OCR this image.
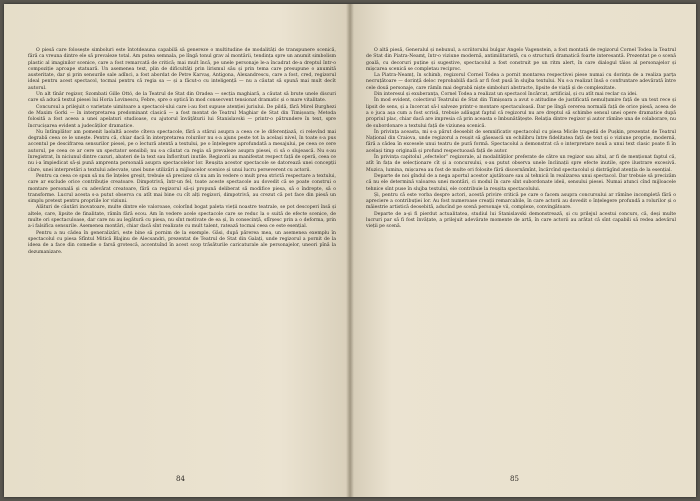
O piesă care folosește simboluri este întotdeauna capabilă să genereze o multitudine de modalități de transpunere scenică, fără ca vreuna dintre ele să prevaleze total. Am putea semnala, pe lîngă tonul grav al montării, tendința spre un anumit simbolism plastic al imaginilor scenice, care a fost remarcată de critică; mai mult încă, pe unele personaje le-a încadrat de-a dreptul într-o compoziție aproape statuară. Un asemenea text, plin de dificultăți prin lirismul său și prin tema care presupune o anumită austeritate, dar și prin sensurile sale adînci, a fost abordat de Petre Karvaș, Antigona, Alexandrescu, care a fost, cred, regizorul ideal pentru acest spectacol, tocmai pentru că regia sa — și a făcut-o cu inteligență — nu a căutat să spună mai mult decît autorul.

Un alt tînăr regizor, Szombati Gille Ottó, de la Teatrul de Stat din Oradea — secția maghiară, a căutat să brute unele discuri care să aducă textul piesei lui Horia Lovinescu, Febre, spre o optică în mod consecvent tensionat dramatic și o mare vitalitate.

Concursul a prilejuit o varietate uimitoare a spectacol-ului care i-au fost supuse atenției juriului. De pildă, fără Mirel Burghezi de Maxim Gorki — în interpretarea predominant clasică — a fost montat de Teatrul Maghiar de Stat din Timișoara; Metoda folosită a fost aceea a unei apelaturi studioase, cu ajutorul învățăturii lui Stanislavski — printr-o pătrundere în text, spre încrucișarea evident a judecăților dramatice.

Nu întîmplător am pomenit laolaltă aceste cîteva spectacole, fără a stărui asupra a ceea ce le diferențiază, ci relevînd mai degrabă ceea ce le unește. Pentru că, chiar dacă în interpretarea rolurilor nu s-a ajuns peste tot la același nivel, în toate s-a pus accentul pe descifrarea sensurilor piesei, pe o lectură atentă a textului, pe o înțelegere aprofundată a mesajului, pe ceea ce cere autorul, pe ceea ce ar cere un spectator sensibil; nu s-a căutat ca regia să prevaleze asupra piesei, ci să o slujească. Nu s-au înregistrat, în niciunul dintre cazuri, abateri de la text sau înflorituri inutile. Regizorii au manifestat respect față de operă, ceea ce nu i-a împiedicat să-și pună amprenta personală asupra spectacolelor lor. Reușita acestor spectacole se datorează unei concepții clare, unei interpretări a textului adecvate, unei bune utilizări a mijloacelor scenice și unui lucru perseverent cu actorii.

Pentru ca ceea ce spun să nu fie înțeles greșit, trebuie să precizez că nu am în vedere o mult prea strictă respectare a textului, care ar exclude orice contribuție creatoare. Dimpotrivă, într-un fel, toate aceste spectacole au dovedit că se poate construi o montare personală și cu adevărat creatoare, fără ca regizorul să-și propună deliberat să modifice piesa, să o îndrepte, să o transforme. Lucrul acesta s-a putut observa cu atît mai bine cu cît alți regizori, dimpotrivă, au crezut că pot face din piesă un simplu pretext pentru propriile lor viziuni.

Alături de căutări inovatoare, multe dintre ele valoroase, colorînd bogat paleta vieții noastre teatrale, se pot descoperi însă și altele, care, lipsite de finalitate, rămîn fără ecou. Am în vedere acele spectacole care se reduc la o suită de efecte scenice, de multe ori spectaculoase, dar care nu au legătură cu piesa, nu sînt motivate de ea și, în consecință, sfîrșesc prin a o deforma, prin a-i falsifica sensurile. Asemenea montări, chiar dacă sînt realizate cu mult talent, ratează tocmai ceea ce este esențial.

Pentru a nu cădea în generalizări, este bine să pornim de la exemple. Găsi, după părerea mea, un asemenea exemplu în spectacolul cu piesa Sfîntul Mitică Blajinu de Alecsandri, prezentat de Teatrul de Stat din Galați, unde regizorul a pornit de la ideea de a face din comedie o farsă grotescă, accentuînd în acest scop trăsăturile caricaturale ale personajelor, uneori pînă la dezumanizare.

84

O altă piesă, Generalul și nebunul, a scriitorului bulgar Angelo Vagenstein, a fost montată de regizorul Cornel Todea la Teatrul de Stat din Piatra-Neamț, într-o viziune modernă, antimilitaristă, cu o structură dramatică foarte interesantă. Prezentat pe o scenă goală, cu decoruri puține și sugestive, spectacolul a fost construit pe un ritm alert, în care dialogul tăios al personajelor și mișcarea scenică se completau reciproc.

La Piatra-Neamț, în schimb, regizorul Cornel Todea a pornit montarea respectivei piese numai cu dorința de a realiza parța necruțătoare — dorință deloc reprobabilă dacă ar fi fost pusă în slujba textului. Nu s-a realizat însă o confruntare adevărată între cele două personaje, care rămîn mai degrabă niște simboluri abstracte, lipsite de viață și de complexitate.

Din interesul și exuberanța, Cornel Todea a realizat un spectacol încărcat, artificial, și cu atît mai reclar ca idei.

În mod evident, colectivul Teatrului de Stat din Timișoara a avut o atitudine de justificată nemulțumire față de un text rece și lipsit de sens, și a încercat să-l salveze printr-o montare spectaculoasă. Dar pe lîngă cererea normală față de orice piesă, aceea de a o juca așa cum a fost scrisă, trebuie adăugat faptul că regizorul nu are dreptul să schimbe sensul unei opere dramatice după propriul plac, chiar dacă are impresia că prin aceasta o îmbunătățește. Relația dintre regizor și autor rămîne una de colaborare, nu de subordonare a textului față de viziunea scenică.

În privința aceasta, mi s-a părut deosebit de semnificativ spectacolul cu piesa Micile tragedii de Pușkin, prezentat de Teatrul Național din Craiova, unde regizorul a reușit să găsească un echilibru între fidelitatea față de text și o viziune proprie, modernă, fără a cădea în excesele unui teatru de pură formă. Spectacolul a demonstrat că o interpretare nouă a unui text clasic poate fi în același timp originală și profund respectuoasă față de autor.

În privința capitolul „efectelor” regizorale, al modalităților preferate de către un regizor sau altul, ar fi de menționat faptul că, atît în fața de selecționare cît și a concursului, s-au putut observa unele înclinații spre efecte inutile, spre ilustrare excesivă. Muzica, lumina, mișcarea au fost de multe ori folosite fără discernămînt, încărcînd spectacolul și distrăgînd atenția de la esențial.

Departe de noi gîndul de a nega aportul acestor ajutătoare sau al tehnicii în realizarea unui spectacol. Dar trebuie să precizăm că nu ele determină valoarea unei montări, ci modul în care sînt subordonate ideii, sensului piesei. Numai atunci cînd mijloacele tehnice sînt puse în slujba textului, ele contribuie la reușita spectacolului.

Și, pentru că este vorba despre actori, acestă privire critică pe care o facem asupra concursului ar rămîne incompletă fără o apreciere a contribuției lor. Au fost numeroase creații remarcabile, în care actorii au dovedit o înțelegere profundă a rolurilor și o măiestrie artistică deosebită, aducînd pe scenă personaje vii, complexe, convingătoare.

Departe de a-și fi pierdut actualitatea, studiul lui Stanislavski demonstrează, și cu prilejul acestui concurs, că, deși multe lucruri par să fi fost învățate, a prilejuit adevărate momente de artă, în care actorii au arătat că sînt capabili să redea adevărul vieții pe scenă.

85
